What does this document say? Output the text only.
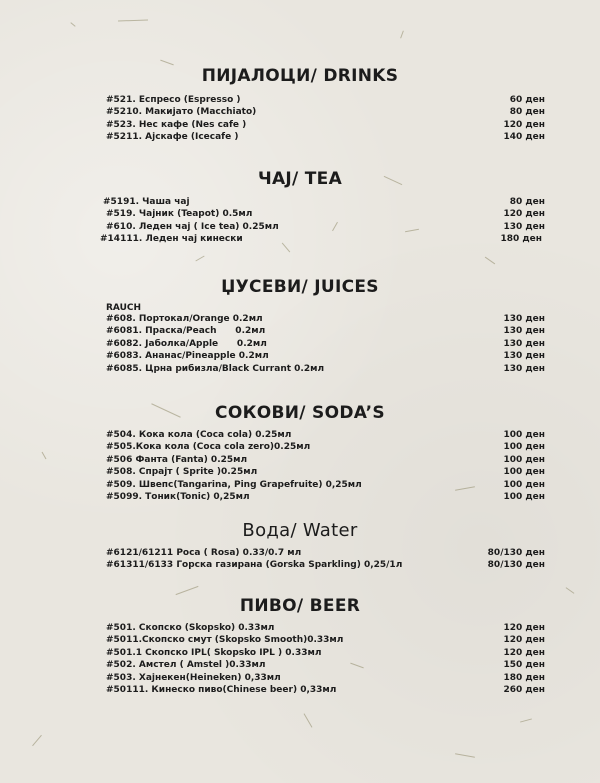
ПИЈАЛОЦИ/ DRINKS
#521. Еспресо (Espresso )	60 ден
#5210. Макијато (Macchiato)	80 ден
#523. Нес кафе (Nes cafe )	120 ден
#5211. Ајскафе (Icecafe )	140 ден
ЧАЈ/ TEA
#5191. Чаша чај	80 ден
#519. Чајник (Teapot) 0.5мл	120 ден
#610. Леден чај ( Ice tea) 0.25мл	130 ден
#14111. Леден чај кинески	180 ден
ЏУСЕВИ/ JUICES
RAUCH
#608. Портокал/Orange 0.2мл	130 ден
#6081. Праска/Peach      0.2мл	130 ден
#6082. Јаболка/Apple      0.2мл	130 ден
#6083. Ананас/Pineapple 0.2мл	130 ден
#6085. Црна рибизла/Black Currant 0.2мл	130 ден
СОКОВИ/ SODA’S
#504. Кока кола (Coca cola) 0.25мл	100 ден
#505.Кока кола (Coca cola zero)0.25мл	100 ден
#506 Фанта (Fanta) 0.25мл	100 ден
#508. Спрајт ( Sprite )0.25мл	100 ден
#509. Швепс(Tangarina, Ping Grapefruite) 0,25мл	100 ден
#5099. Тоник(Tonic) 0,25мл	100 ден
Вода/ Water
#6121/61211 Роса ( Rosa) 0.33/0.7 мл	80/130 ден
#61311/6133 Горска газирана (Gorska Sparkling) 0,25/1л	80/130 ден
ПИВО/ BEER
#501. Скопско (Skopsko) 0.33мл	120 ден
#5011.Скопско смут (Skopsko Smooth)0.33мл	120 ден
#501.1 Скопско IPL( Skopsko IPL ) 0.33мл	120 ден
#502. Амстел ( Amstel )0.33мл	150 ден
#503. Хајнекен(Heineken) 0,33мл	180 ден
#50111. Кинеско пиво(Chinese beer) 0,33мл	260 ден
